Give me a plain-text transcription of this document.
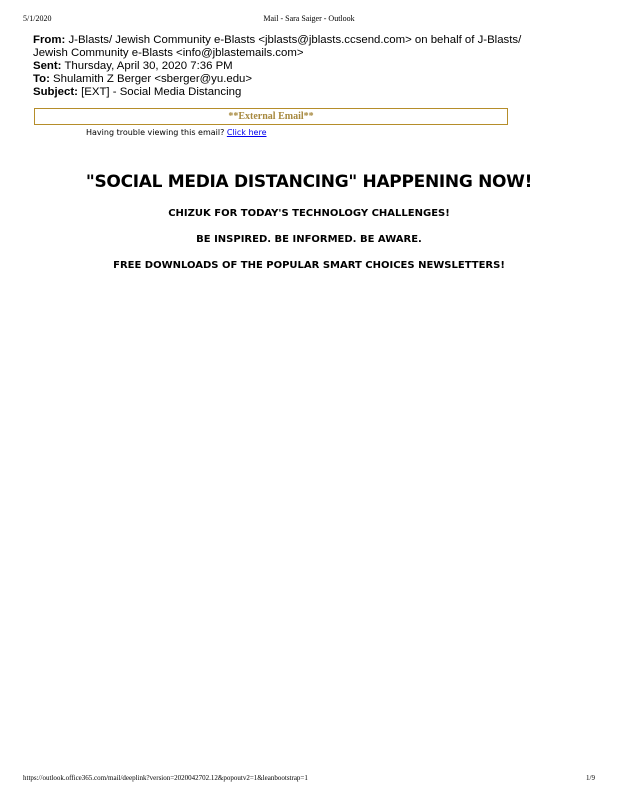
5/1/2020	Mail - Sara Saiger - Outlook
From: J-Blasts/ Jewish Community e-Blasts <jblasts@jblasts.ccsend.com> on behalf of J-Blasts/ Jewish Community e-Blasts <info@jblastemails.com>
Sent: Thursday, April 30, 2020 7:36 PM
To: Shulamith Z Berger <sberger@yu.edu>
Subject: [EXT] - Social Media Distancing
**External Email**
Having trouble viewing this email? Click here
"SOCIAL MEDIA DISTANCING" HAPPENING NOW!
CHIZUK FOR TODAY'S TECHNOLOGY CHALLENGES!
BE INSPIRED. BE INFORMED. BE AWARE.
FREE DOWNLOADS OF THE POPULAR SMART CHOICES NEWSLETTERS!
https://outlook.office365.com/mail/deeplink?version=2020042702.12&popoutv2=1&leanbootstrap=1	1/9
